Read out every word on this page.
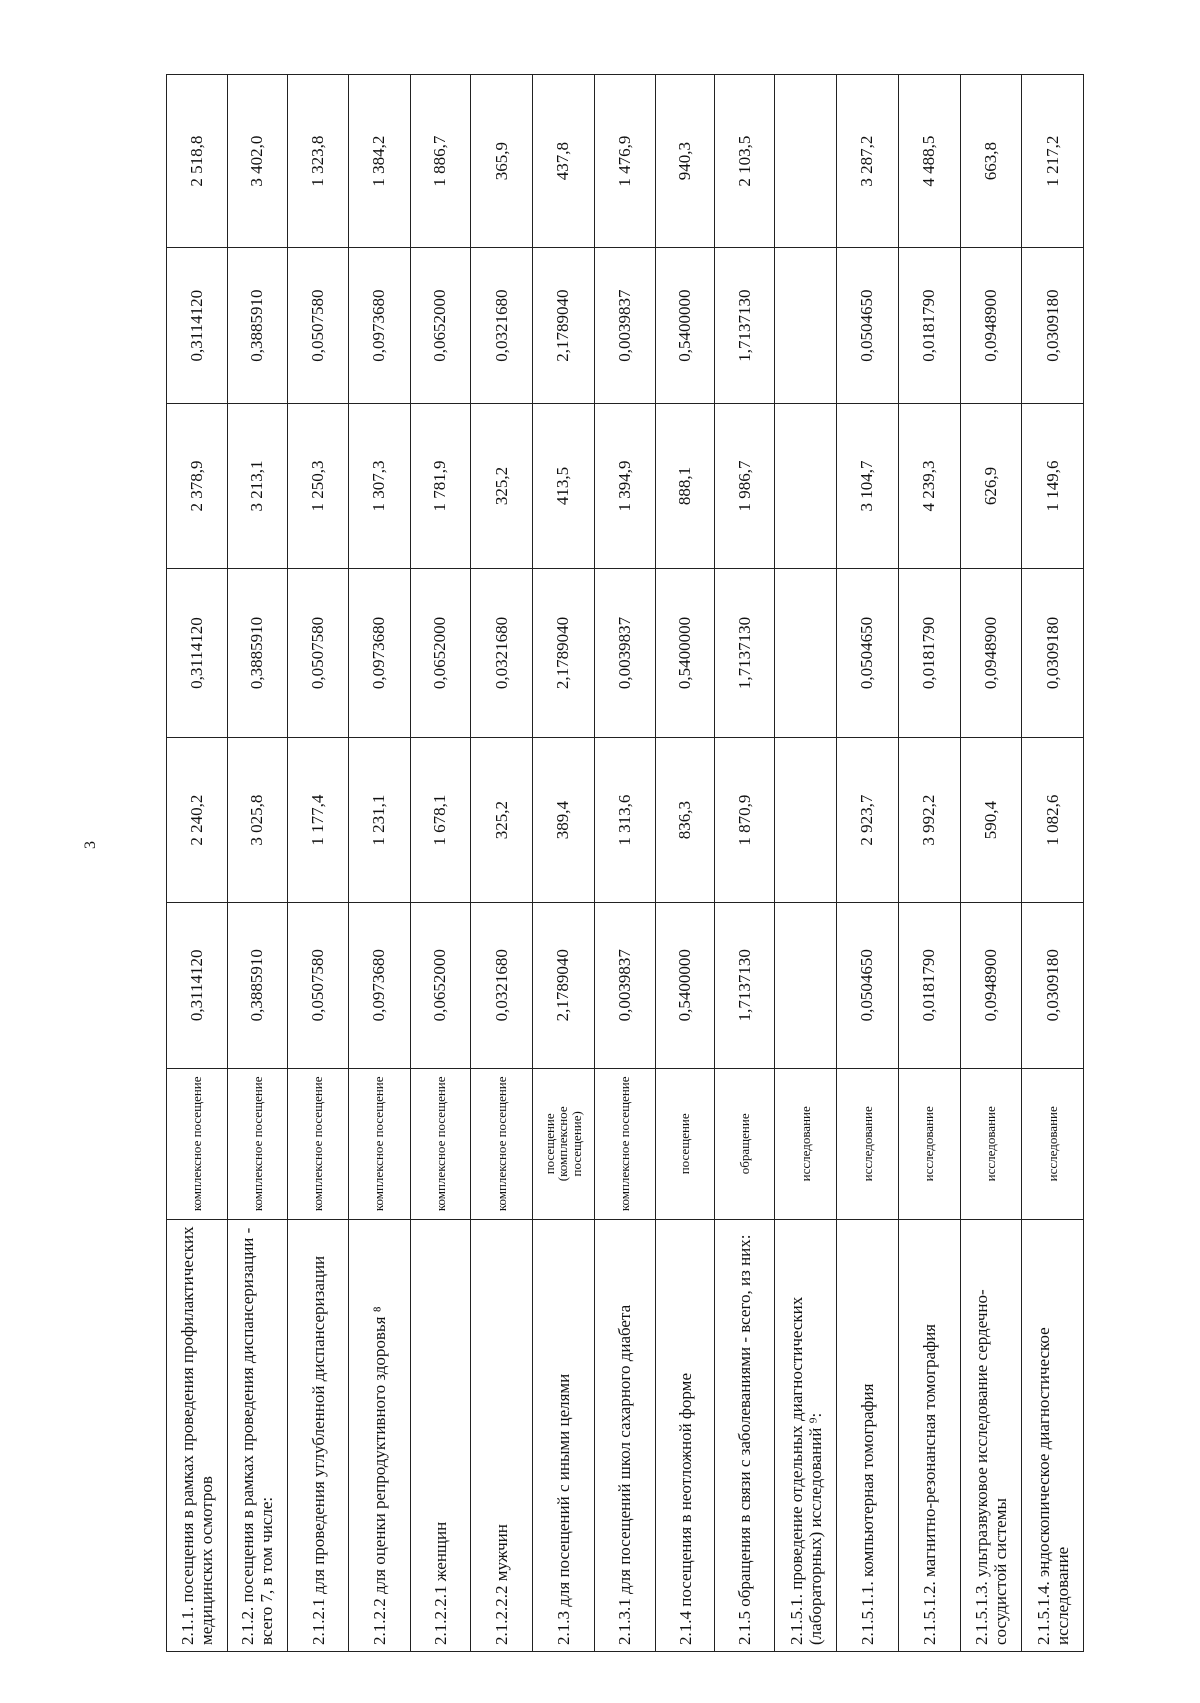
3
2.1.1. посещения в рамках проведения профилактических медицинских осмотров	комплексное посещение	0,3114120	2 240,2	0,3114120	2 378,9	0,3114120	2 518,8
2.1.2. посещения в рамках проведения диспансеризации - всего 7, в том числе:	комплексное посещение	0,3885910	3 025,8	0,3885910	3 213,1	0,3885910	3 402,0
2.1.2.1 для проведения углубленной диспансеризации	комплексное посещение	0,0507580	1 177,4	0,0507580	1 250,3	0,0507580	1 323,8
2.1.2.2 для оценки репродуктивного здоровья ⁸	комплексное посещение	0,0973680	1 231,1	0,0973680	1 307,3	0,0973680	1 384,2
2.1.2.2.1 женщин	комплексное посещение	0,0652000	1 678,1	0,0652000	1 781,9	0,0652000	1 886,7
2.1.2.2.2 мужчин	комплексное посещение	0,0321680	325,2	0,0321680	325,2	0,0321680	365,9
2.1.3 для посещений с иными целями	посещение (комплексное посещение)	2,1789040	389,4	2,1789040	413,5	2,1789040	437,8
2.1.3.1 для посещений школ сахарного диабета	комплексное посещение	0,0039837	1 313,6	0,0039837	1 394,9	0,0039837	1 476,9
2.1.4 посещения в неотложной форме	посещение	0,5400000	836,3	0,5400000	888,1	0,5400000	940,3
2.1.5 обращения в связи с заболеваниями - всего, из них:	обращение	1,7137130	1 870,9	1,7137130	1 986,7	1,7137130	2 103,5
2.1.5.1. проведение отдельных диагностических (лабораторных) исследований ⁹:	исследование						
2.1.5.1.1. компьютерная томография	исследование	0,0504650	2 923,7	0,0504650	3 104,7	0,0504650	3 287,2
2.1.5.1.2. магнитно-резонансная томография	исследование	0,0181790	3 992,2	0,0181790	4 239,3	0,0181790	4 488,5
2.1.5.1.3. ультразвуковое исследование сердечно-сосудистой системы	исследование	0,0948900	590,4	0,0948900	626,9	0,0948900	663,8
2.1.5.1.4. эндоскопическое диагностическое исследование	исследование	0,0309180	1 082,6	0,0309180	1 149,6	0,0309180	1 217,2
